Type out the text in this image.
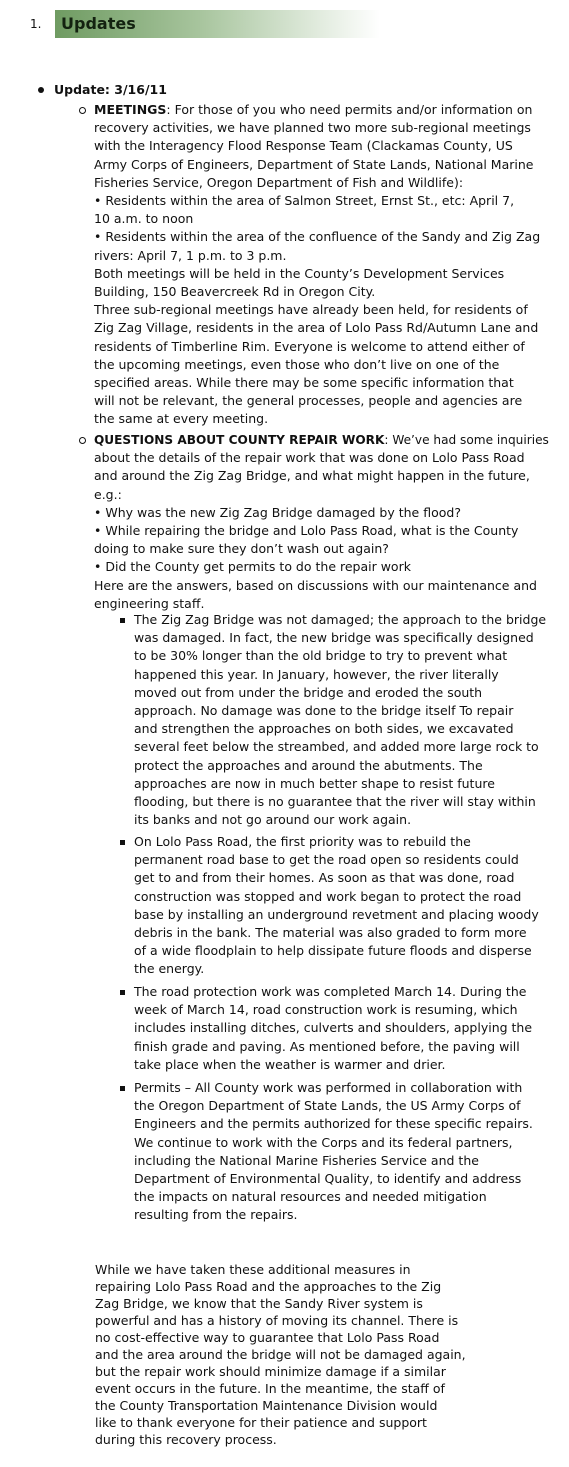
1. Updates
Update: 3/16/11
MEETINGS: For those of you who need permits and/or information on
recovery activities, we have planned two more sub-regional meetings
with the Interagency Flood Response Team (Clackamas County, US
Army Corps of Engineers, Department of State Lands, National Marine
Fisheries Service, Oregon Department of Fish and Wildlife):
• Residents within the area of Salmon Street, Ernst St., etc: April 7,
10 a.m. to noon
• Residents within the area of the confluence of the Sandy and Zig Zag
rivers: April 7, 1 p.m. to 3 p.m.
Both meetings will be held in the County’s Development Services
Building, 150 Beavercreek Rd in Oregon City.
Three sub-regional meetings have already been held, for residents of
Zig Zag Village, residents in the area of Lolo Pass Rd/Autumn Lane and
residents of Timberline Rim. Everyone is welcome to attend either of
the upcoming meetings, even those who don’t live on one of the
specified areas. While there may be some specific information that
will not be relevant, the general processes, people and agencies are
the same at every meeting.
QUESTIONS ABOUT COUNTY REPAIR WORK: We’ve had some inquiries
about the details of the repair work that was done on Lolo Pass Road
and around the Zig Zag Bridge, and what might happen in the future,
e.g.:
• Why was the new Zig Zag Bridge damaged by the flood?
• While repairing the bridge and Lolo Pass Road, what is the County
doing to make sure they don’t wash out again?
• Did the County get permits to do the repair work
Here are the answers, based on discussions with our maintenance and
engineering staff.
The Zig Zag Bridge was not damaged; the approach to the bridge
was damaged. In fact, the new bridge was specifically designed
to be 30% longer than the old bridge to try to prevent what
happened this year. In January, however, the river literally
moved out from under the bridge and eroded the south
approach. No damage was done to the bridge itself To repair
and strengthen the approaches on both sides, we excavated
several feet below the streambed, and added more large rock to
protect the approaches and around the abutments. The
approaches are now in much better shape to resist future
flooding, but there is no guarantee that the river will stay within
its banks and not go around our work again.
On Lolo Pass Road, the first priority was to rebuild the
permanent road base to get the road open so residents could
get to and from their homes. As soon as that was done, road
construction was stopped and work began to protect the road
base by installing an underground revetment and placing woody
debris in the bank. The material was also graded to form more
of a wide floodplain to help dissipate future floods and disperse
the energy.
The road protection work was completed March 14. During the
week of March 14, road construction work is resuming, which
includes installing ditches, culverts and shoulders, applying the
finish grade and paving. As mentioned before, the paving will
take place when the weather is warmer and drier.
Permits – All County work was performed in collaboration with
the Oregon Department of State Lands, the US Army Corps of
Engineers and the permits authorized for these specific repairs.
We continue to work with the Corps and its federal partners,
including the National Marine Fisheries Service and the
Department of Environmental Quality, to identify and address
the impacts on natural resources and needed mitigation
resulting from the repairs.
While we have taken these additional measures in
repairing Lolo Pass Road and the approaches to the Zig
Zag Bridge, we know that the Sandy River system is
powerful and has a history of moving its channel. There is
no cost-effective way to guarantee that Lolo Pass Road
and the area around the bridge will not be damaged again,
but the repair work should minimize damage if a similar
event occurs in the future. In the meantime, the staff of
the County Transportation Maintenance Division would
like to thank everyone for their patience and support
during this recovery process.
